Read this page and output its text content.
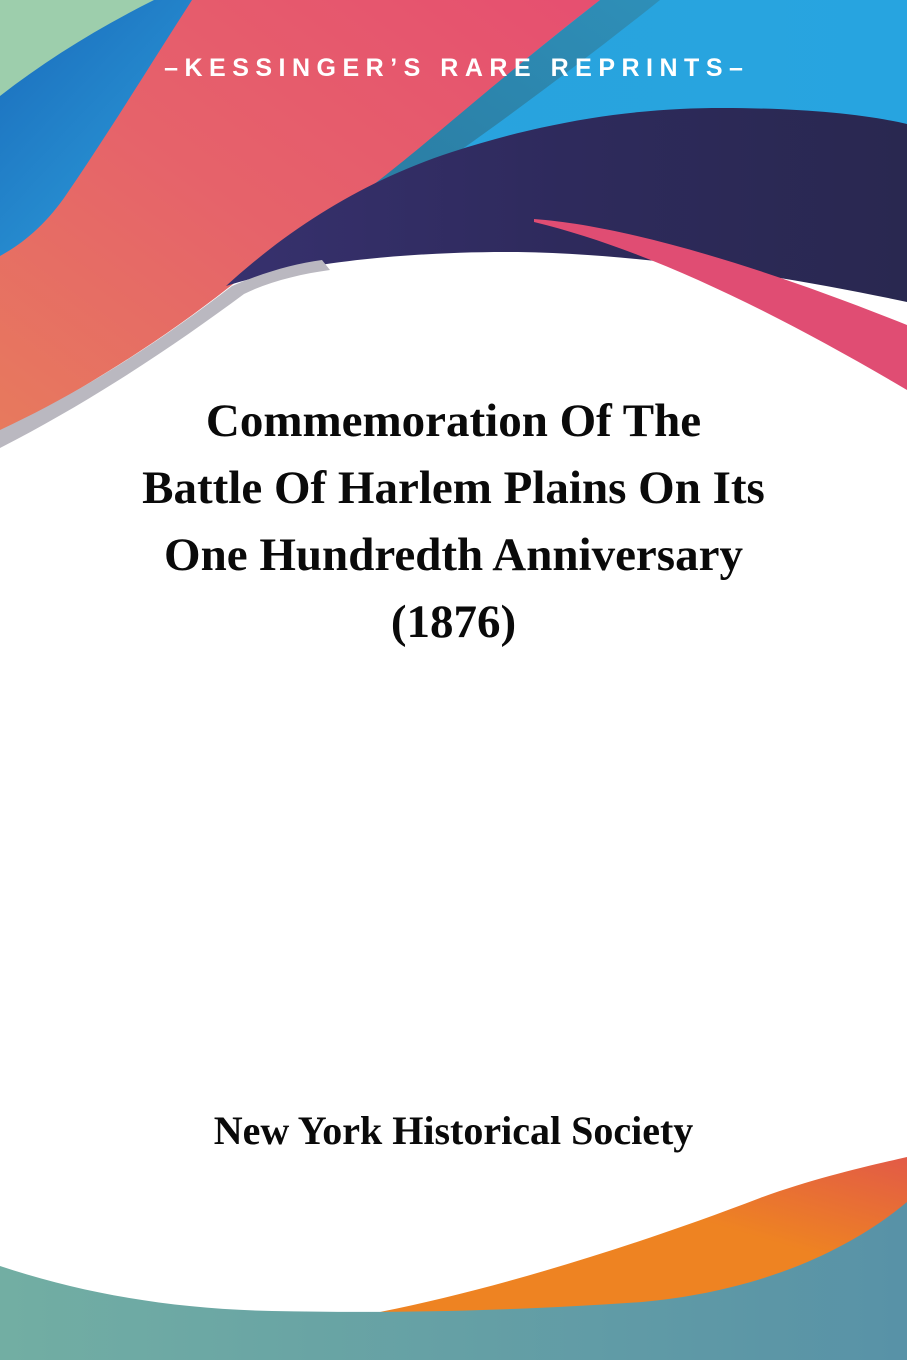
–KESSINGER’S RARE REPRINTS–
Commemoration Of The
Battle Of Harlem Plains On Its
One Hundredth Anniversary
(1876)
New York Historical Society
